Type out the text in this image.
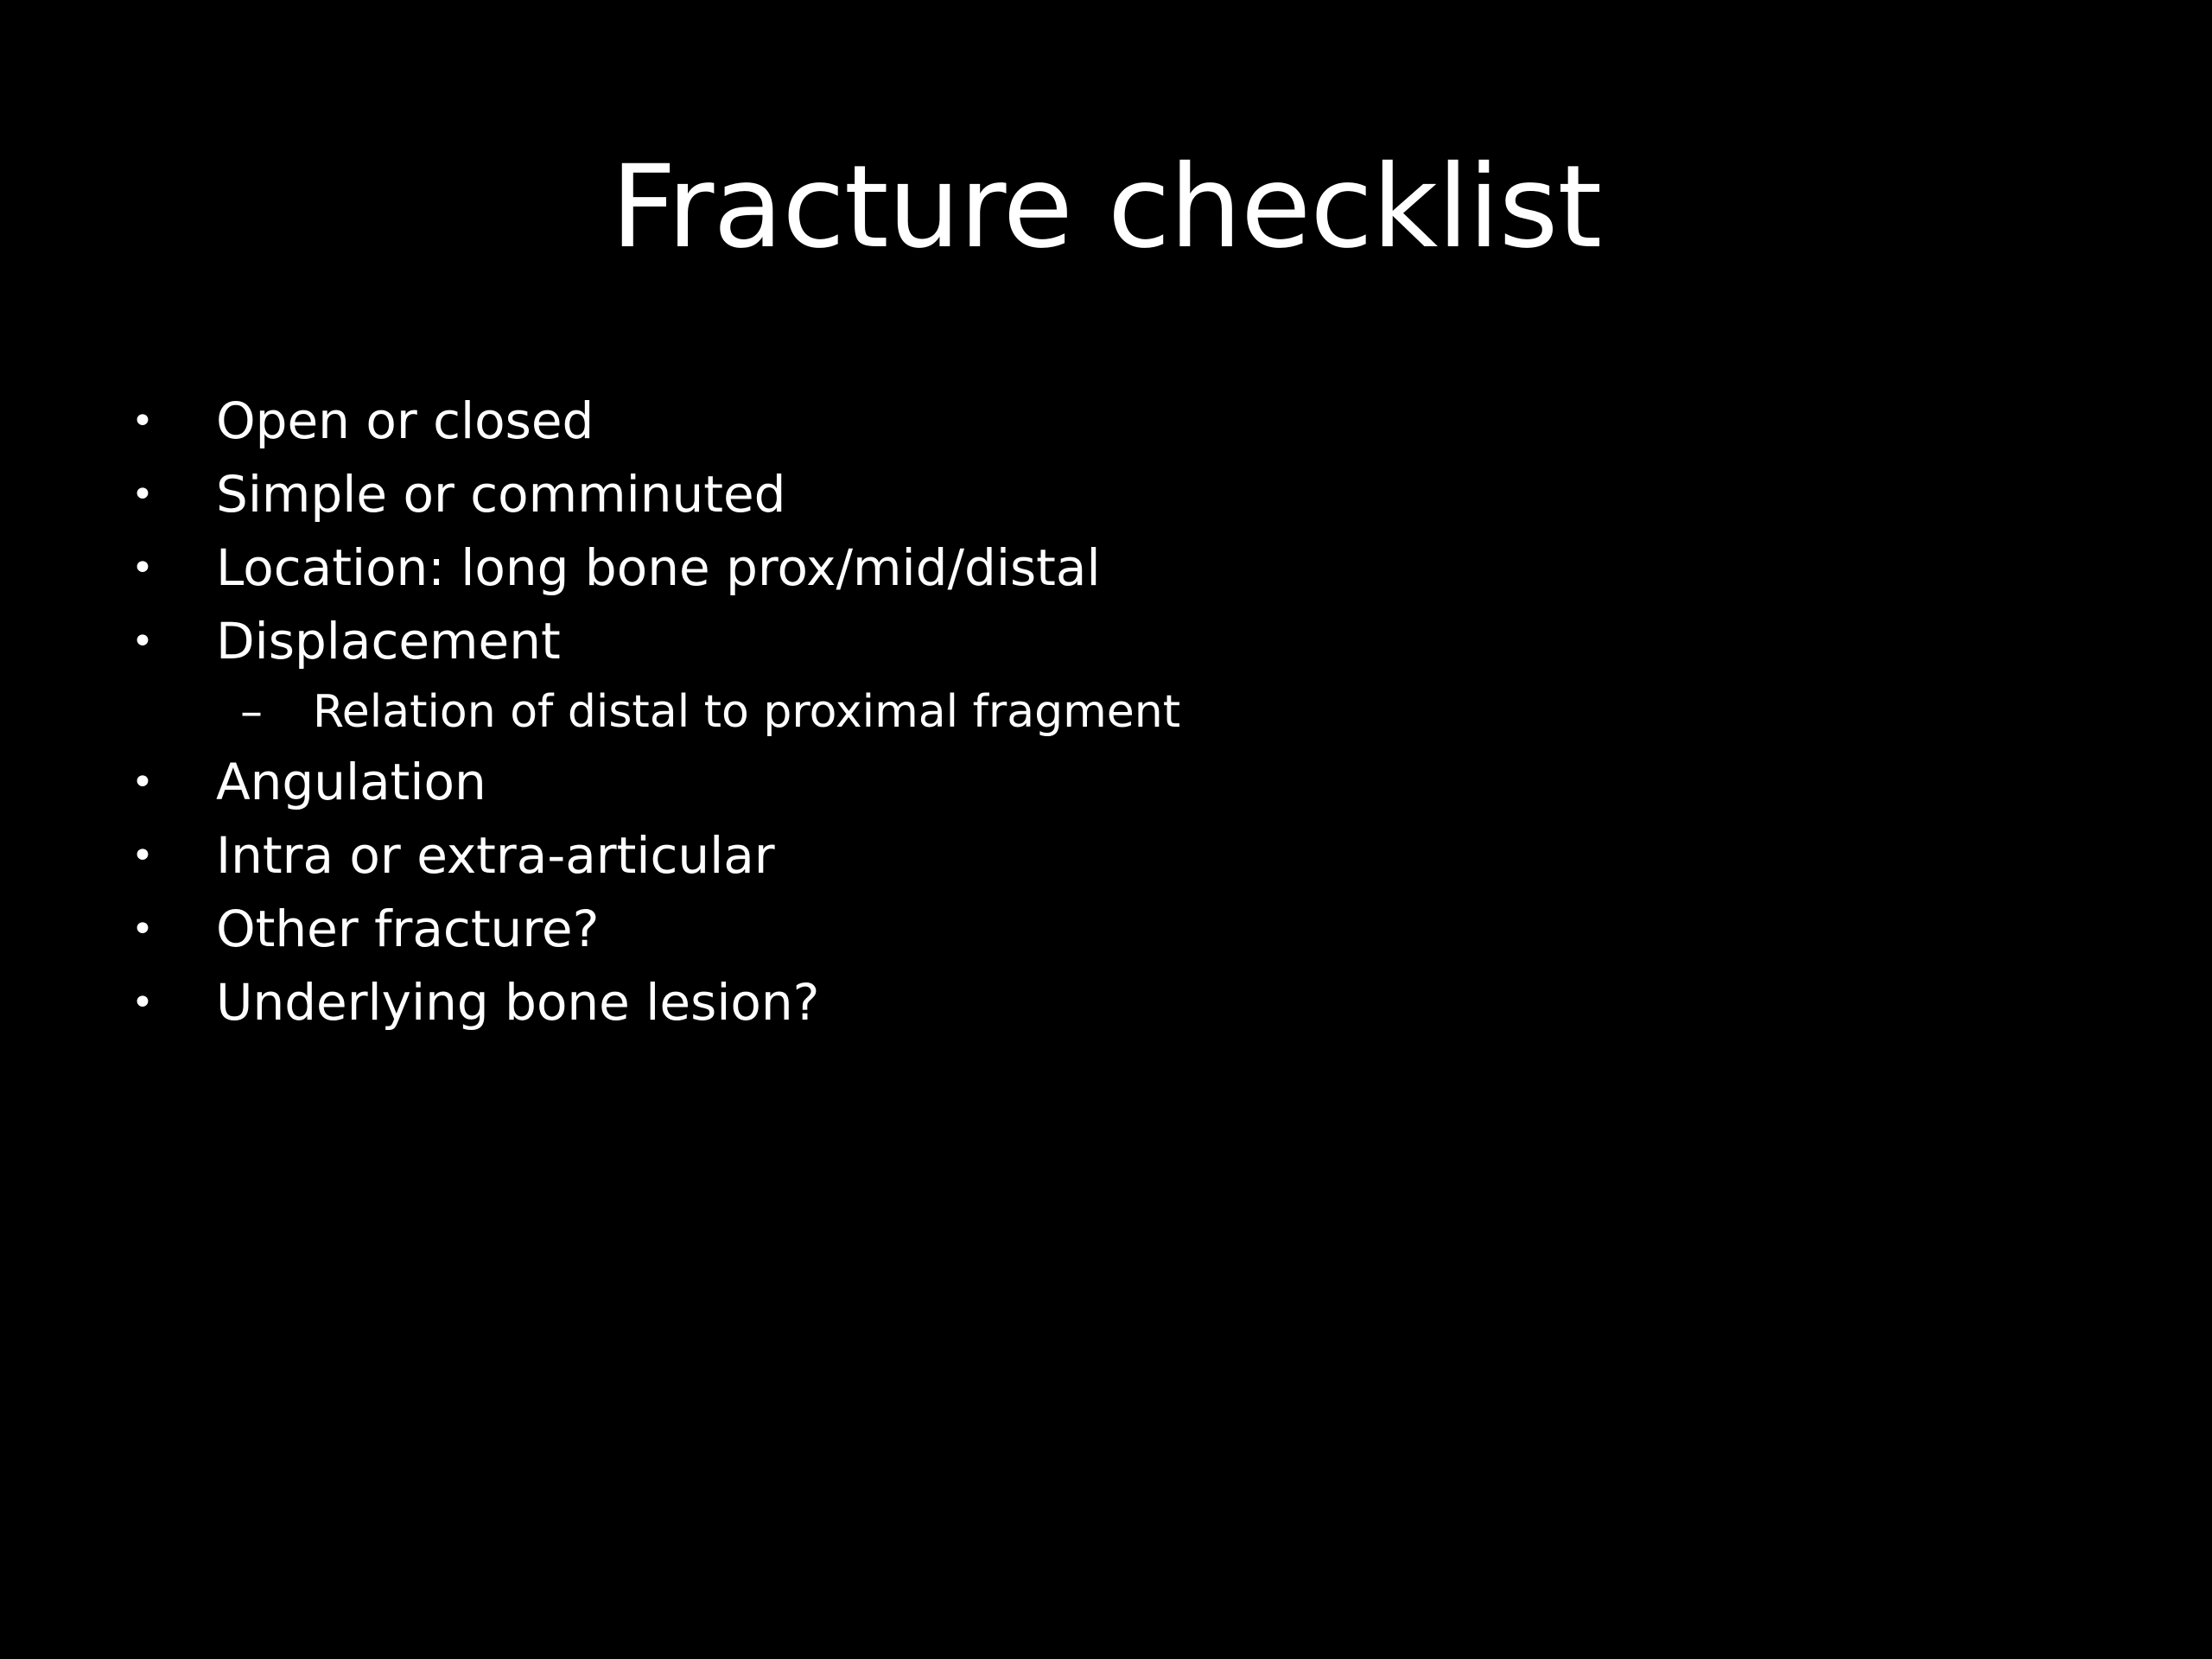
Fracture checklist
• Open or closed
• Simple or comminuted
• Location: long bone prox/mid/distal
• Displacement
–	Relation of distal to proximal fragment
• Angulation
• Intra or extra-articular
• Other fracture?
• Underlying bone lesion?
